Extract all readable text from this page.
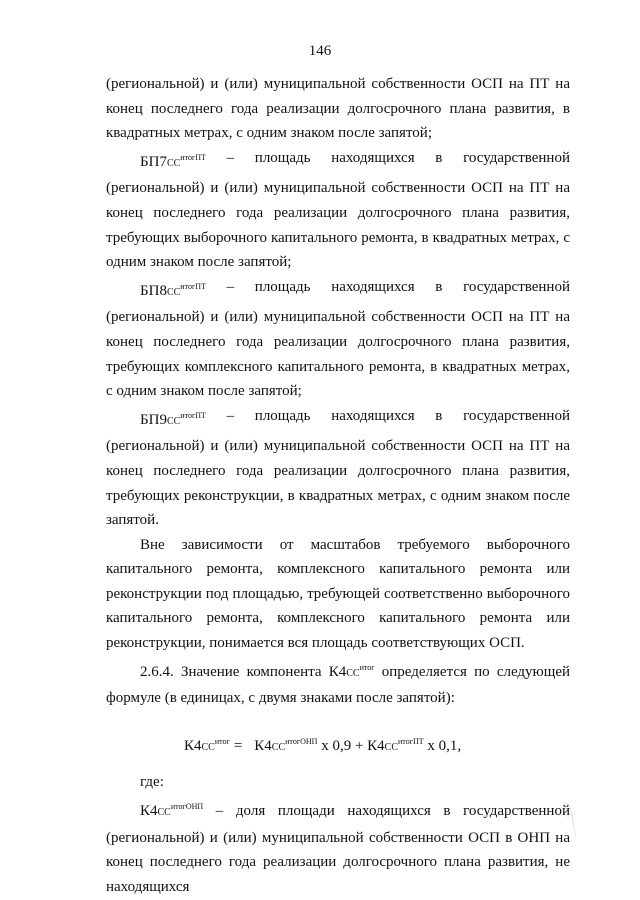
146

(региональной) и (или) муниципальной собственности ОСП на ПТ на конец последнего года реализации долгосрочного плана развития, в квадратных метрах, с одним знаком после запятой;

$БП7СС^{итогПТ}$ – площадь находящихся в государственной

(региональной) и (или) муниципальной собственности ОСП на ПТ на конец последнего года реализации долгосрочного плана развития, требующих выборочного капитального ремонта, в квадратных метрах, с одним знаком после запятой;

$БП8СС^{итогПТ}$ – площадь находящихся в государственной

(региональной) и (или) муниципальной собственности ОСП на ПТ на конец последнего года реализации долгосрочного плана развития, требующих комплексного капитального ремонта, в квадратных метрах, с одним знаком после запятой;

$БП9СС^{итогПТ}$ – площадь находящихся в государственной

(региональной) и (или) муниципальной собственности ОСП на ПТ на конец последнего года реализации долгосрочного плана развития, требующих реконструкции, в квадратных метрах, с одним знаком после запятой.

Вне зависимости от масштабов требуемого выборочного капитального ремонта, комплексного капитального ремонта или реконструкции под площадью, требующей соответственно выборочного капитального ремонта, комплексного капитального ремонта или реконструкции, понимается вся площадь соответствующих ОСП.

2.6.4. Значение компонента $К4СС^{итог}$ определяется по следующей формуле (в единицах, с двумя знаками после запятой):

$К4СС^{итог} = К4СС^{итогОНП}$ х $0,9 + К4СС^{итогПТ}$ х 0,1,

где:

$К4СС^{итогОНП}$ – доля площади находящихся в государственной (региональной) и (или) муниципальной собственности ОСП в ОНП на конец последнего года реализации долгосрочного плана развития, не находящихся
